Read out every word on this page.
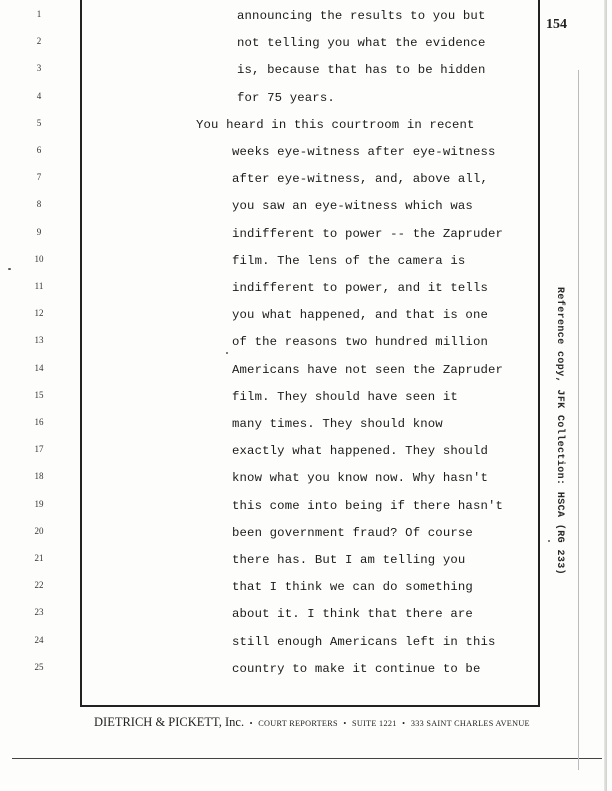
1
2
3
4
5
6
7
8
9
10
11
12
13
14
15
16
17
18
19
20
21
22
23
24
25
announcing the results to you but
not telling you what the evidence
is, because that has to be hidden
for 75 years.
You heard in this courtroom in recent
weeks eye-witness after eye-witness
after eye-witness, and, above all,
you saw an eye-witness which was
indifferent to power -- the Zapruder
film. The lens of the camera is
indifferent to power, and it tells
you what happened, and that is one
of the reasons two hundred million
Americans have not seen the Zapruder
film. They should have seen it
many times. They should know
exactly what happened. They should
know what you know now. Why hasn't
this come into being if there hasn't
been government fraud? Of course
there has. But I am telling you
that I think we can do something
about it. I think that there are
still enough Americans left in this
country to make it continue to be
154
Reference copy, JFK Collection: HSCA (RG 233)
DIETRICH & PICKETT, Inc. • COURT REPORTERS • SUITE 1221 • 333 SAINT CHARLES AVENUE
